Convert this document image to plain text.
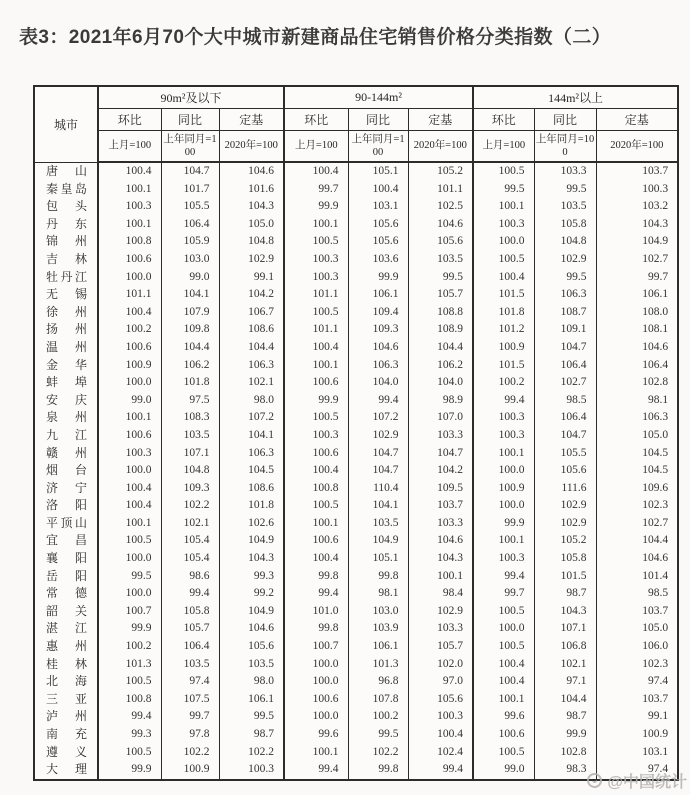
表3：2021年6月70个大中城市新建商品住宅销售价格分类指数（二）
城市	90m²及以下			90-144m²			144m²以上		
	环比	同比	定基	环比	同比	定基	环比	同比	定基
	上月=100	上年同月=100	2020年=100	上月=100	上年同月=100	2020年=100	上月=100	上年同月=100	2020年=100
唐山	100.4	104.7	104.6	100.4	105.1	105.2	100.5	103.3	103.7
秦皇岛	100.1	101.7	101.6	99.7	100.4	101.1	99.5	99.5	100.3
包头	100.3	105.5	104.3	99.9	103.1	102.5	100.1	103.5	103.2
丹东	100.1	106.4	105.0	100.1	105.6	104.6	100.3	105.8	104.3
锦州	100.8	105.9	104.8	100.5	105.6	105.6	100.0	104.8	104.9
吉林	100.6	103.0	102.9	100.3	103.6	103.5	100.5	102.9	102.7
牡丹江	100.0	99.0	99.1	100.3	99.9	99.5	100.4	99.5	99.7
无锡	101.1	104.1	104.2	101.1	106.1	105.7	101.5	106.3	106.1
徐州	100.4	107.9	106.7	100.5	109.4	108.8	101.8	108.7	108.0
扬州	100.2	109.8	108.6	101.1	109.3	108.9	101.2	109.1	108.1
温州	100.6	104.4	104.4	100.4	104.6	104.4	100.9	104.7	104.6
金华	100.9	106.2	106.3	100.1	106.3	106.2	101.5	106.4	106.4
蚌埠	100.0	101.8	102.1	100.6	104.0	104.0	100.2	102.7	102.8
安庆	99.0	97.5	98.0	99.9	99.4	98.9	99.4	98.5	98.1
泉州	100.1	108.3	107.2	100.5	107.2	107.0	100.3	106.4	106.3
九江	100.6	103.5	104.1	100.3	102.9	103.3	100.3	104.7	105.0
赣州	100.3	107.1	106.3	100.6	104.7	104.7	100.1	105.5	104.5
烟台	100.0	104.8	104.5	100.4	104.7	104.2	100.0	105.6	104.5
济宁	100.4	109.3	108.6	100.8	110.4	109.5	100.9	111.6	109.6
洛阳	100.4	102.2	101.8	100.5	104.1	103.7	100.0	102.9	102.3
平顶山	100.1	102.1	102.6	100.1	103.5	103.3	99.9	102.9	102.7
宜昌	100.5	105.4	104.9	100.6	104.9	104.6	100.1	105.2	104.4
襄阳	100.0	105.4	104.3	100.4	105.1	104.3	100.3	105.8	104.6
岳阳	99.5	98.6	99.3	99.8	99.8	100.1	99.4	101.5	101.4
常德	100.0	99.4	99.2	99.4	98.1	98.4	99.7	98.7	98.5
韶关	100.7	105.8	104.9	101.0	103.0	102.9	100.5	104.3	103.7
湛江	99.9	105.7	104.6	99.8	103.9	103.3	100.0	107.1	105.0
惠州	100.2	106.4	105.6	100.7	106.1	105.7	100.5	106.8	106.0
桂林	101.3	103.5	103.5	100.0	101.3	102.0	100.4	102.1	102.3
北海	100.5	97.4	98.0	100.0	96.8	97.0	100.4	97.1	97.4
三亚	100.8	107.5	106.1	100.6	107.8	105.6	100.1	104.4	103.7
泸州	99.4	99.7	99.5	100.0	100.2	100.3	99.6	98.7	99.1
南充	99.3	97.8	98.7	99.6	99.5	100.4	100.6	99.9	100.9
遵义	100.5	102.2	102.2	100.1	102.2	102.4	100.5	102.8	103.1
大理	99.9	100.9	100.3	99.4	99.8	99.4	99.0	98.3	97.4
@中国统计
